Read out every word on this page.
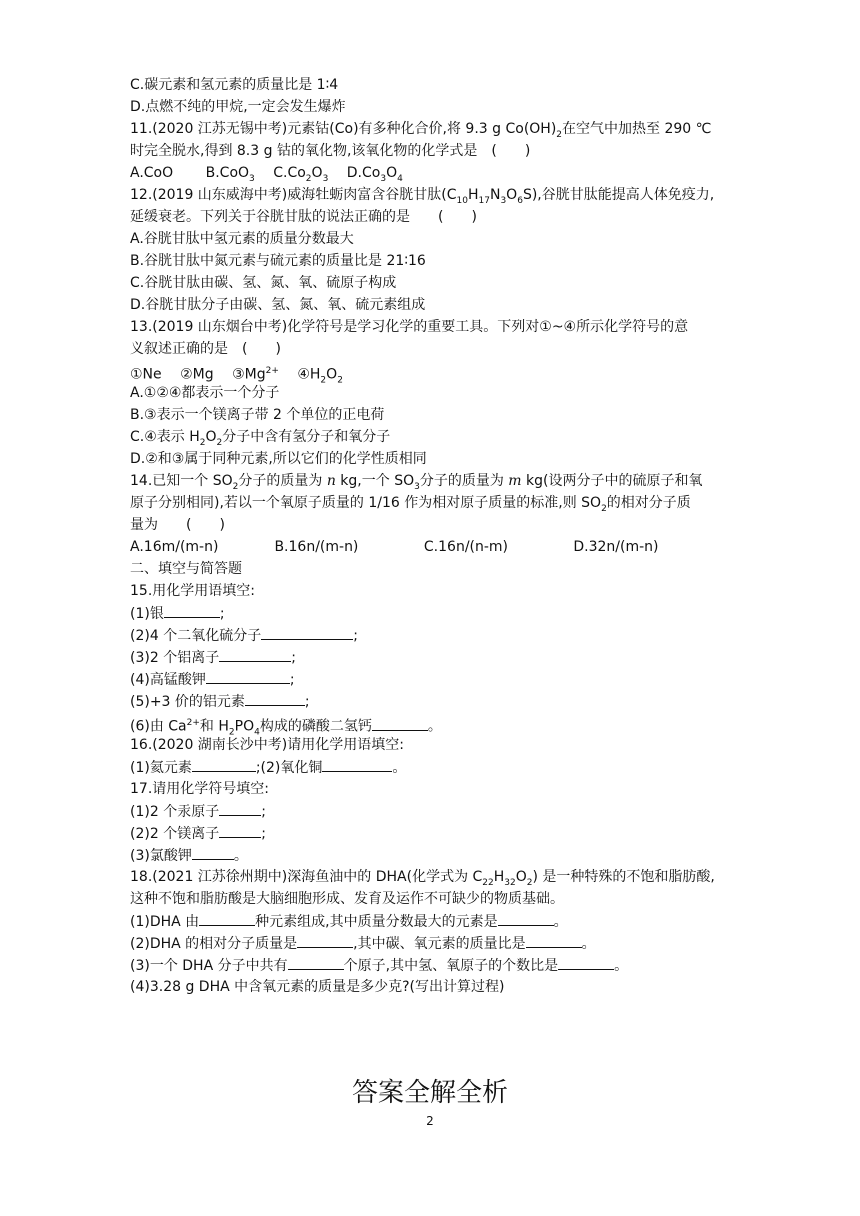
C.碳元素和氢元素的质量比是 1∶4
D.点燃不纯的甲烷,一定会发生爆炸
11.(2020 江苏无锡中考)元素钴(Co)有多种化合价,将 9.3 g $Co(OH)_2$在空气中加热至 290 ℃
时完全脱水,得到 8.3 g 钴的氧化物,该氧化物的化学式是　(　　)
A.CoO B.CoO$_3$ $C.Co_2O_3$ $D.Co_3O_4$
12.(2019 山东威海中考)威海牡蛎肉富含谷胱甘肽$(C_{10}H_{17}N_3O_6S)$,谷胱甘肽能提高人体免疫力,
延缓衰老。下列关于谷胱甘肽的说法正确的是　　(　　)
A.谷胱甘肽中氢元素的质量分数最大
B.谷胱甘肽中氮元素与硫元素的质量比是 21∶16
C.谷胱甘肽由碳、氢、氮、氧、硫原子构成
D.谷胱甘肽分子由碳、氢、氮、氧、硫元素组成
13.(2019 山东烟台中考)化学符号是学习化学的重要工具。下列对①~④所示化学符号的意
义叙述正确的是　(　　)
①Ne ②Mg $③Mg^{2+}$ $④H_2O_2$
A.①②④都表示一个分子
B.③表示一个镁离子带 2 个单位的正电荷
C.④表示 $H_2O_2$分子中含有氢分子和氧分子
D.②和③属于同种元素,所以它们的化学性质相同
14.已知一个 $SO_2$分子的质量为 n kg,一个 $SO_3$分子的质量为 m kg(设两分子中的硫原子和氧
原子分别相同),若以一个氧原子质量的 1/16 作为相对原子质量的标准,则 $SO_2$的相对分子质
量为　　(　　)
A.16m/(m-n)	B.16n/(m-n)	C.16n/(n-m)	D.32n/(m-n)
二、填空与简答题
15.用化学用语填空:
(1)银	;
(2)4 个二氧化硫分子	;
(3)2 个铝离子	;
(4)高锰酸钾	;
(5)+3 价的铝元素	;
(6)由 $Ca^{2+}$和 $H_2PO_4$构成的磷酸二氢钙	。
16.(2020 湖南长沙中考)请用化学用语填空:
(1)氦元素	;(2)氧化铜	。
17.请用化学符号填空:
(1)2 个汞原子	;
(2)2 个镁离子	;
(3)氯酸钾	。
18.(2021 江苏徐州期中)深海鱼油中的 DHA(化学式为 $C_{22}H_{32}O_2$) 是一种特殊的不饱和脂肪酸,
这种不饱和脂肪酸是大脑细胞形成、发育及运作不可缺少的物质基础。
(1)DHA 由	种元素组成,其中质量分数最大的元素是	。
(2)DHA 的相对分子质量是	,其中碳、氧元素的质量比是	。
(3)一个 DHA 分子中共有	个原子,其中氢、氧原子的个数比是	。
(4)3.28 g DHA 中含氧元素的质量是多少克?(写出计算过程)
答案全解全析
2
